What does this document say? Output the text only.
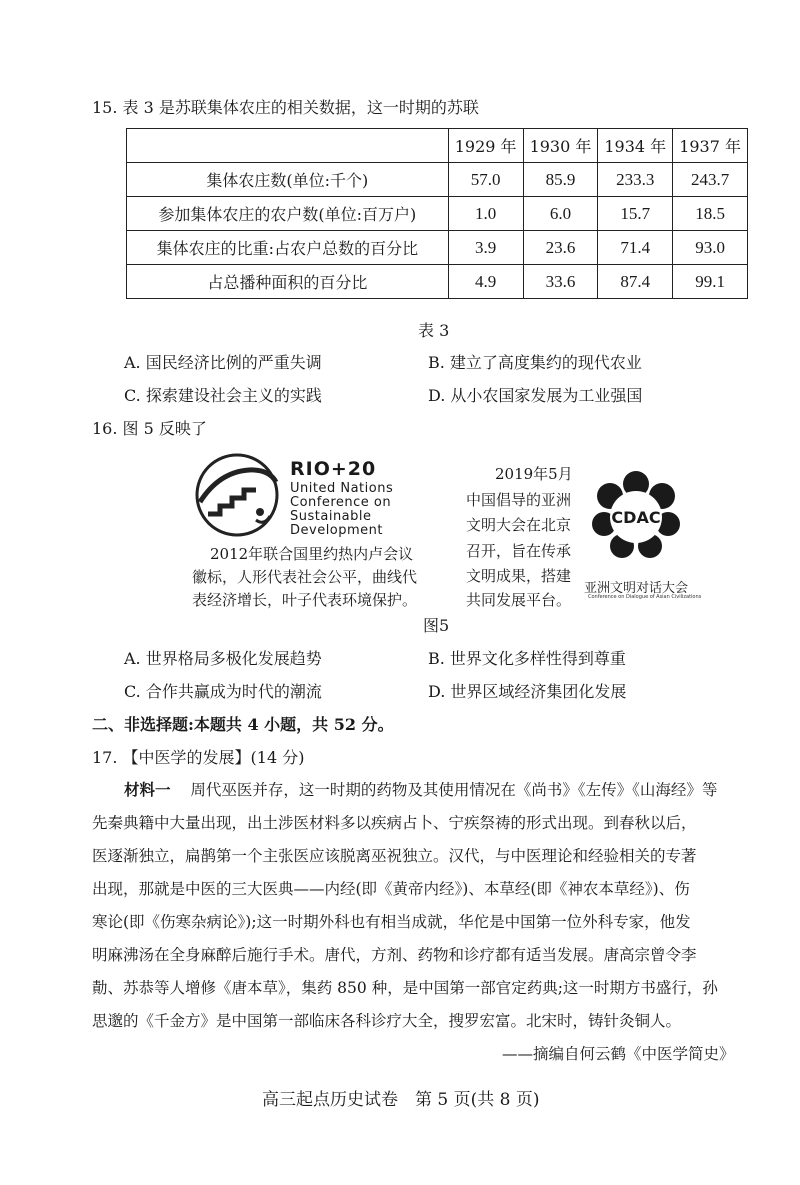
15. 表 3 是苏联集体农庄的相关数据，这一时期的苏联
	1929 年	1930 年	1934 年	1937 年
集体农庄数(单位:千个)	57.0	85.9	233.3	243.7
参加集体农庄的农户数(单位:百万户)	1.0	6.0	15.7	18.5
集体农庄的比重:占农户总数的百分比	3.9	23.6	71.4	93.0
占总播种面积的百分比	4.9	33.6	87.4	99.1
表 3
A. 国民经济比例的严重失调	B. 建立了高度集约的现代农业
C. 探索建设社会主义的实践	D. 从小农国家发展为工业强国
16. 图 5 反映了
RIO+20
United Nations
Conference on
Sustainable
Development
2012年联合国里约热内卢会议
徽标，人形代表社会公平，曲线代
表经济增长，叶子代表环境保护。
2019年5月
中国倡导的亚洲
文明大会在北京
召开，旨在传承
文明成果，搭建
共同发展平台。
CDAC
亚洲文明对话大会
Conference on Dialogue of Asian Civilizations
图5
A. 世界格局多极化发展趋势	B. 世界文化多样性得到尊重
C. 合作共赢成为时代的潮流	D. 世界区域经济集团化发展
二、非选择题:本题共 4 小题，共 52 分。
17. 【中医学的发展】(14 分)
材料一 周代巫医并存，这一时期的药物及其使用情况在《尚书》《左传》《山海经》等
先秦典籍中大量出现，出土涉医材料多以疾病占卜、宁疾祭祷的形式出现。到春秋以后，
医逐渐独立，扁鹊第一个主张医应该脱离巫祝独立。汉代，与中医理论和经验相关的专著
出现，那就是中医的三大医典——内经(即《黄帝内经》)、本草经(即《神农本草经》)、伤
寒论(即《伤寒杂病论》);这一时期外科也有相当成就，华佗是中国第一位外科专家，他发
明麻沸汤在全身麻醉后施行手术。唐代，方剂、药物和诊疗都有适当发展。唐高宗曾令李
勣、苏恭等人增修《唐本草》，集药 850 种，是中国第一部官定药典;这一时期方书盛行，孙
思邈的《千金方》是中国第一部临床各科诊疗大全，搜罗宏富。北宋时，铸针灸铜人。
——摘编自何云鹤《中医学简史》
高三起点历史试卷　第 5 页(共 8 页)
